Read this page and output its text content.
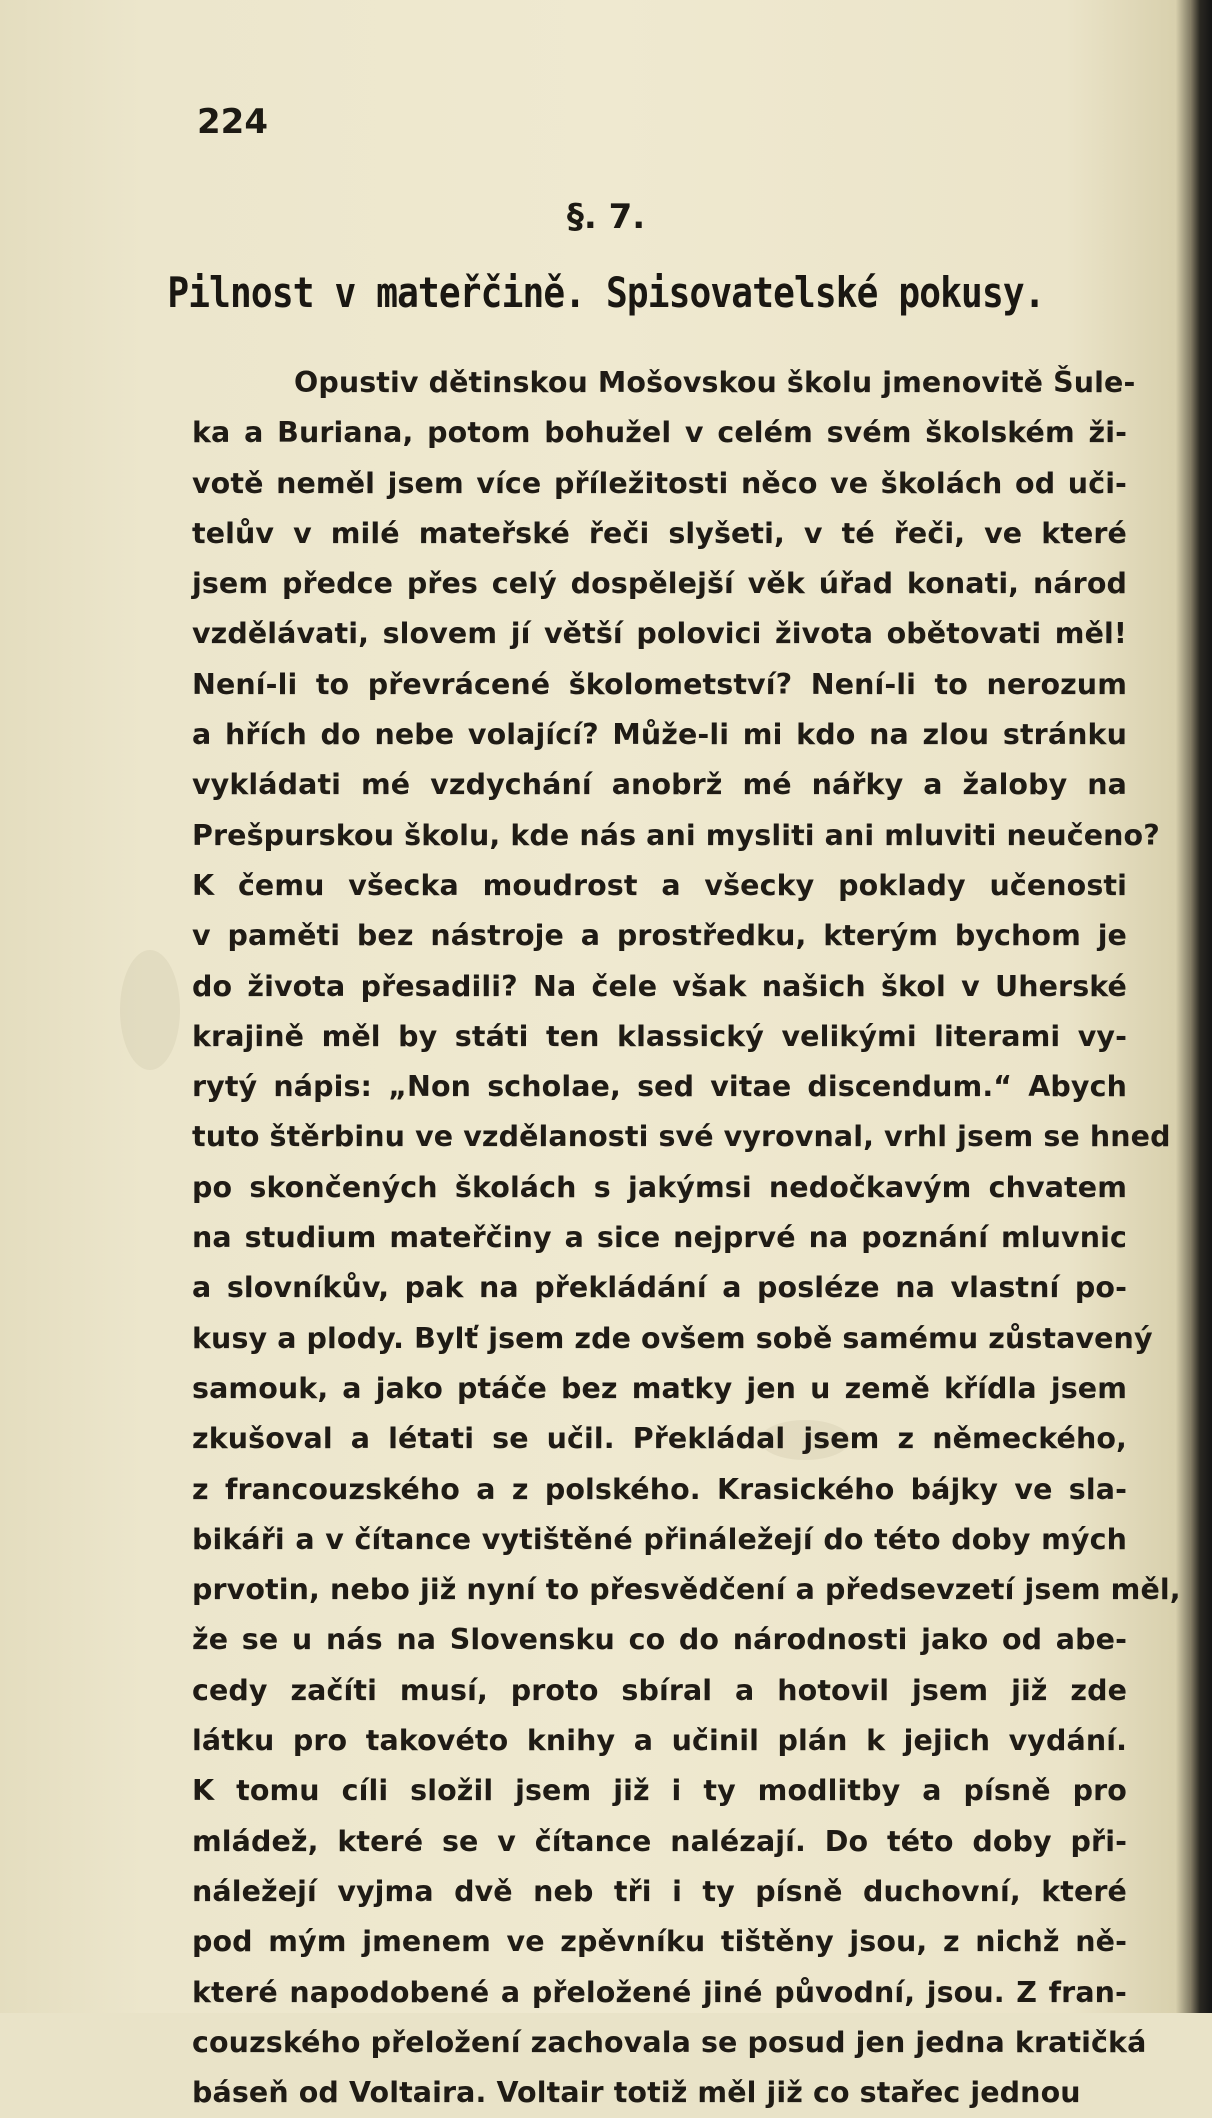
224

§. 7.

Pilnost v mateřčině. Spisovatelské pokusy.
Opustiv dětinskou Mošovskou školu jmenovitě Šule-
ka a Buriana, potom bohužel v celém svém školském ži-
votě neměl jsem více příležitosti něco ve školách od uči-
telův v milé mateřské řeči slyšeti, v té řeči, ve které
jsem předce přes celý dospělejší věk úřad konati, národ
vzdělávati, slovem jí větší polovici života obětovati měl!
Není-li to převrácené školometství? Není-li to nerozum
a hřích do nebe volající? Může-li mi kdo na zlou stránku
vykládati mé vzdychání anobrž mé nářky a žaloby na
Prešpurskou školu, kde nás ani mysliti ani mluviti neučeno?
K čemu všecka moudrost a všecky poklady učenosti
v paměti bez nástroje a prostředku, kterým bychom je
do života přesadili? Na čele však našich škol v Uherské
krajině měl by státi ten klassický velikými literami vy-
rytý nápis: „Non scholae, sed vitae discendum.“ Abych
tuto štěrbinu ve vzdělanosti své vyrovnal, vrhl jsem se hned
po skončených školách s jakýmsi nedočkavým chvatem
na studium mateřčiny a sice nejprvé na poznání mluvnic
a slovníkův, pak na překládání a posléze na vlastní po-
kusy a plody. Bylť jsem zde ovšem sobě samému zůstavený
samouk, a jako ptáče bez matky jen u země křídla jsem
zkušoval a létati se učil. Překládal jsem z německého,
z francouzského a z polského. Krasického bájky ve sla-
bikáři a v čítance vytištěné přináležejí do této doby mých
prvotin, nebo již nyní to přesvědčení a předsevzetí jsem měl,
že se u nás na Slovensku co do národnosti jako od abe-
cedy začíti musí, proto sbíral a hotovil jsem již zde
látku pro takovéto knihy a učinil plán k jejich vydání.
K tomu cíli složil jsem již i ty modlitby a písně pro
mládež, které se v čítance nalézají. Do této doby při-
náležejí vyjma dvě neb tři i ty písně duchovní, které
pod mým jmenem ve zpěvníku tištěny jsou, z nichž ně-
které napodobené a přeložené jiné původní, jsou. Z fran-
couzského přeložení zachovala se posud jen jedna kratičká
báseň od Voltaira. Voltair totiž měl již co stařec jednou
